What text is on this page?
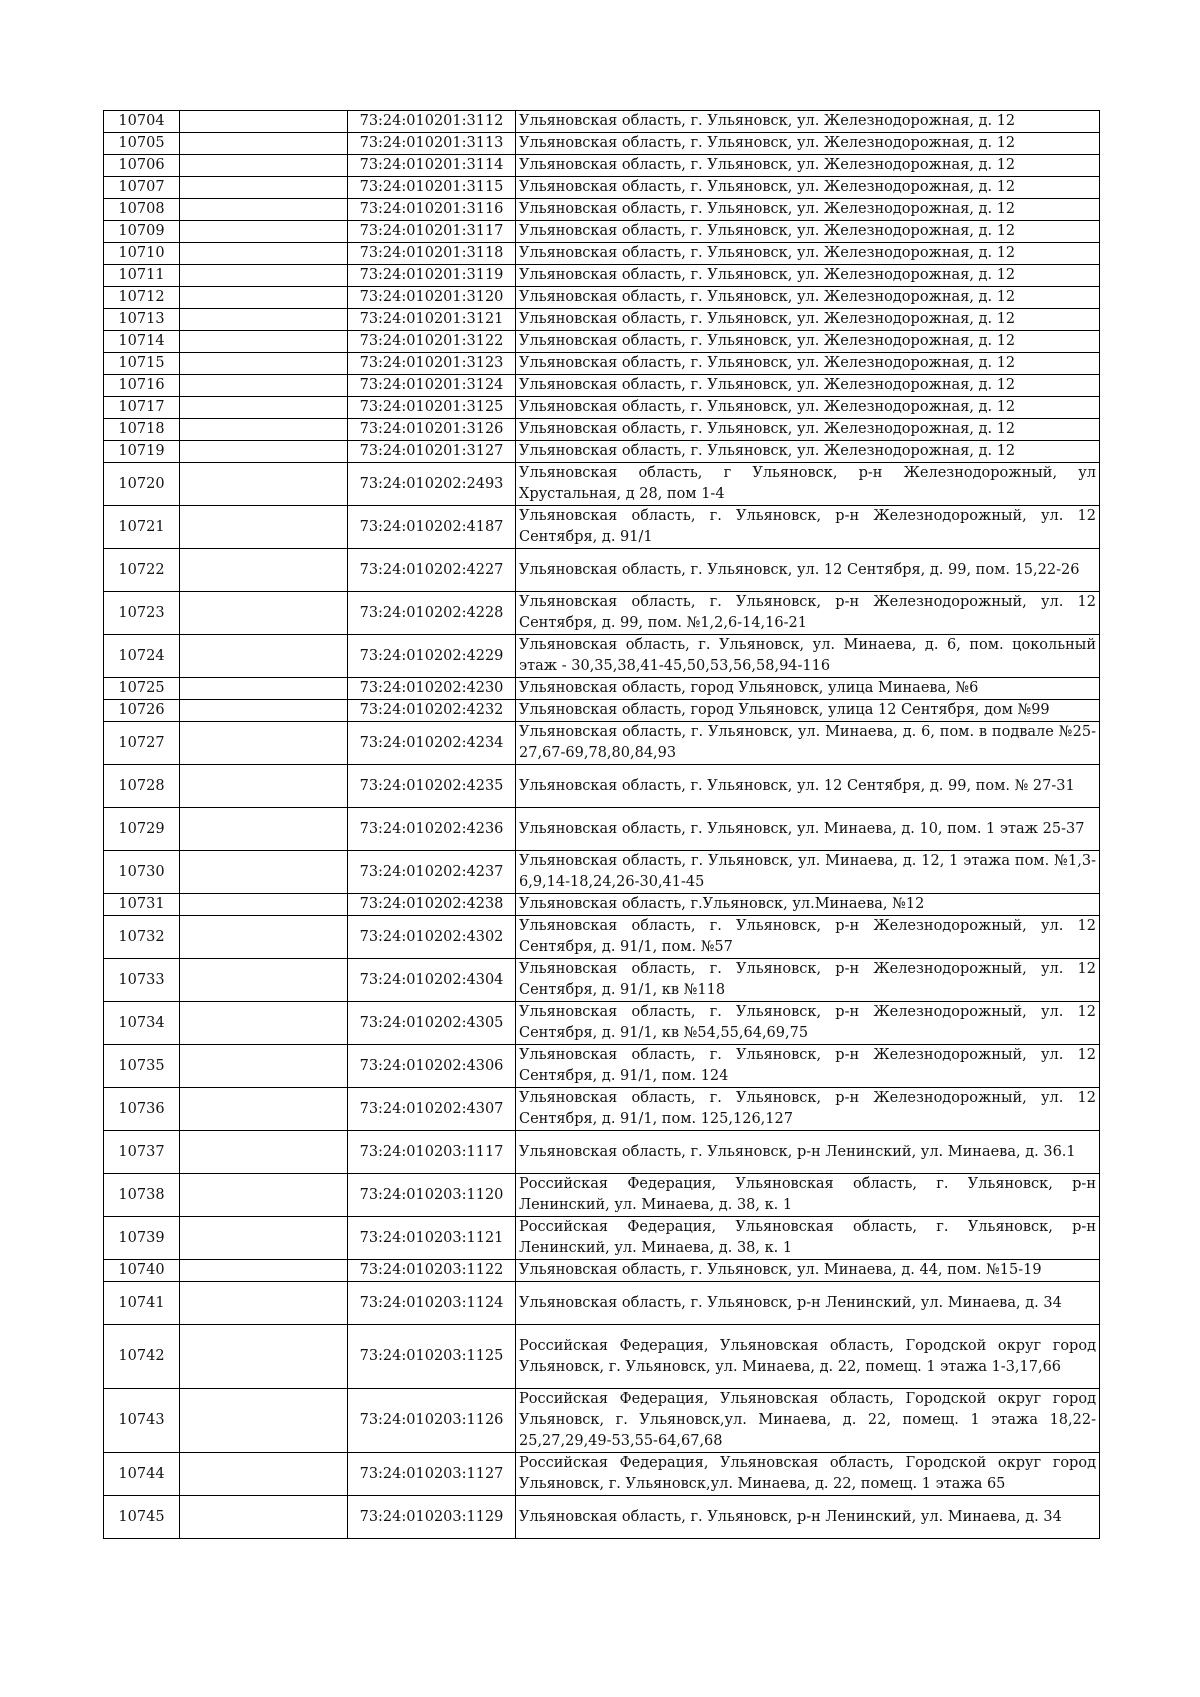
10704		73:24:010201:3112	Ульяновская область, г. Ульяновск, ул. Железнодорожная, д. 12
10705		73:24:010201:3113	Ульяновская область, г. Ульяновск, ул. Железнодорожная, д. 12
10706		73:24:010201:3114	Ульяновская область, г. Ульяновск, ул. Железнодорожная, д. 12
10707		73:24:010201:3115	Ульяновская область, г. Ульяновск, ул. Железнодорожная, д. 12
10708		73:24:010201:3116	Ульяновская область, г. Ульяновск, ул. Железнодорожная, д. 12
10709		73:24:010201:3117	Ульяновская область, г. Ульяновск, ул. Железнодорожная, д. 12
10710		73:24:010201:3118	Ульяновская область, г. Ульяновск, ул. Железнодорожная, д. 12
10711		73:24:010201:3119	Ульяновская область, г. Ульяновск, ул. Железнодорожная, д. 12
10712		73:24:010201:3120	Ульяновская область, г. Ульяновск, ул. Железнодорожная, д. 12
10713		73:24:010201:3121	Ульяновская область, г. Ульяновск, ул. Железнодорожная, д. 12
10714		73:24:010201:3122	Ульяновская область, г. Ульяновск, ул. Железнодорожная, д. 12
10715		73:24:010201:3123	Ульяновская область, г. Ульяновск, ул. Железнодорожная, д. 12
10716		73:24:010201:3124	Ульяновская область, г. Ульяновск, ул. Железнодорожная, д. 12
10717		73:24:010201:3125	Ульяновская область, г. Ульяновск, ул. Железнодорожная, д. 12
10718		73:24:010201:3126	Ульяновская область, г. Ульяновск, ул. Железнодорожная, д. 12
10719		73:24:010201:3127	Ульяновская область, г. Ульяновск, ул. Железнодорожная, д. 12
10720		73:24:010202:2493	Ульяновская область, г Ульяновск, р-н Железнодорожный, ул Хрустальная, д 28, пом 1-4
10721		73:24:010202:4187	Ульяновская область, г. Ульяновск, р-н Железнодорожный, ул. 12 Сентября, д. 91/1
10722		73:24:010202:4227	Ульяновская область, г. Ульяновск, ул. 12 Сентября, д. 99, пом. 15,22-26
10723		73:24:010202:4228	Ульяновская область, г. Ульяновск, р-н Железнодорожный, ул. 12 Сентября, д. 99, пом. №1,2,6-14,16-21
10724		73:24:010202:4229	Ульяновская область, г. Ульяновск, ул. Минаева, д. 6, пом. цокольный этаж - 30,35,38,41-45,50,53,56,58,94-116
10725		73:24:010202:4230	Ульяновская область, город Ульяновск, улица Минаева, №6
10726		73:24:010202:4232	Ульяновская область, город Ульяновск, улица 12 Сентября, дом №99
10727		73:24:010202:4234	Ульяновская область, г. Ульяновск, ул. Минаева, д. 6, пом. в подвале №25-27,67-69,78,80,84,93
10728		73:24:010202:4235	Ульяновская область, г. Ульяновск, ул. 12 Сентября, д. 99, пом. № 27-31
10729		73:24:010202:4236	Ульяновская область, г. Ульяновск, ул. Минаева, д. 10, пом. 1 этаж 25-37
10730		73:24:010202:4237	Ульяновская область, г. Ульяновск, ул. Минаева, д. 12, 1 этажа пом. №1,3-6,9,14-18,24,26-30,41-45
10731		73:24:010202:4238	Ульяновская область, г.Ульяновск, ул.Минаева, №12
10732		73:24:010202:4302	Ульяновская область, г. Ульяновск, р-н Железнодорожный, ул. 12 Сентября, д. 91/1, пом. №57
10733		73:24:010202:4304	Ульяновская область, г. Ульяновск, р-н Железнодорожный, ул. 12 Сентября, д. 91/1, кв №118
10734		73:24:010202:4305	Ульяновская область, г. Ульяновск, р-н Железнодорожный, ул. 12 Сентября, д. 91/1, кв №54,55,64,69,75
10735		73:24:010202:4306	Ульяновская область, г. Ульяновск, р-н Железнодорожный, ул. 12 Сентября, д. 91/1, пом. 124
10736		73:24:010202:4307	Ульяновская область, г. Ульяновск, р-н Железнодорожный, ул. 12 Сентября, д. 91/1, пом. 125,126,127
10737		73:24:010203:1117	Ульяновская область, г. Ульяновск, р-н Ленинский, ул. Минаева, д. 36.1
10738		73:24:010203:1120	Российская Федерация, Ульяновская область, г. Ульяновск, р-н Ленинский, ул. Минаева, д. 38, к. 1
10739		73:24:010203:1121	Российская Федерация, Ульяновская область, г. Ульяновск, р-н Ленинский, ул. Минаева, д. 38, к. 1
10740		73:24:010203:1122	Ульяновская область, г. Ульяновск, ул. Минаева, д. 44, пом. №15-19
10741		73:24:010203:1124	Ульяновская область, г. Ульяновск, р-н Ленинский, ул. Минаева, д. 34
10742		73:24:010203:1125	Российская Федерация, Ульяновская область, Городской округ город Ульяновск, г. Ульяновск, ул. Минаева, д. 22, помещ. 1 этажа 1-3,17,66
10743		73:24:010203:1126	Российская Федерация, Ульяновская область, Городской округ город Ульяновск, г. Ульяновск,ул. Минаева, д. 22, помещ. 1 этажа 18,22-25,27,29,49-53,55-64,67,68
10744		73:24:010203:1127	Российская Федерация, Ульяновская область, Городской округ город Ульяновск, г. Ульяновск,ул. Минаева, д. 22, помещ. 1 этажа 65
10745		73:24:010203:1129	Ульяновская область, г. Ульяновск, р-н Ленинский, ул. Минаева, д. 34
